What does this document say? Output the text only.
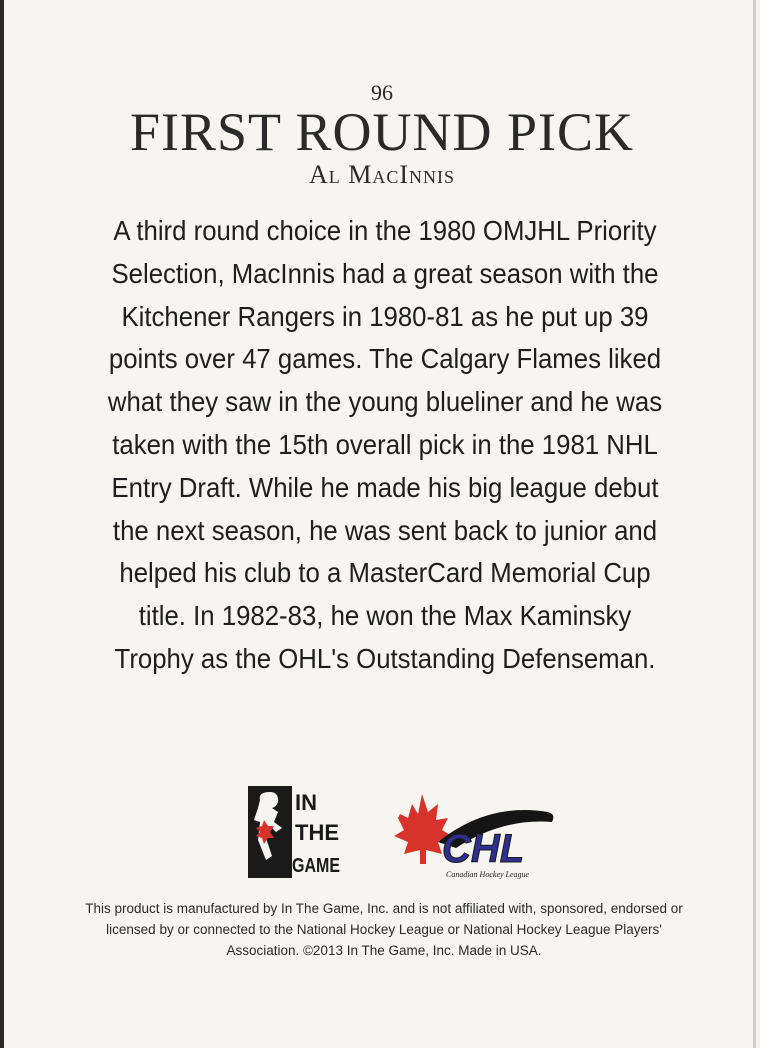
96
FIRST ROUND PICK
Al MacInnis

A third round choice in the 1980 OMJHL Priority Selection, MacInnis had a great season with the Kitchener Rangers in 1980-81 as he put up 39 points over 47 games. The Calgary Flames liked what they saw in the young blueliner and he was taken with the 15th overall pick in the 1981 NHL Entry Draft. While he made his big league debut the next season, he was sent back to junior and helped his club to a MasterCard Memorial Cup title. In 1982-83, he won the Max Kaminsky Trophy as the OHL's Outstanding Defenseman.

IN
THE
GAME	CHL
Canadian Hockey League

This product is manufactured by In The Game, Inc. and is not affiliated with, sponsored, endorsed or licensed by or connected to the National Hockey League or National Hockey League Players' Association. ©2013 In The Game, Inc. Made in USA.
